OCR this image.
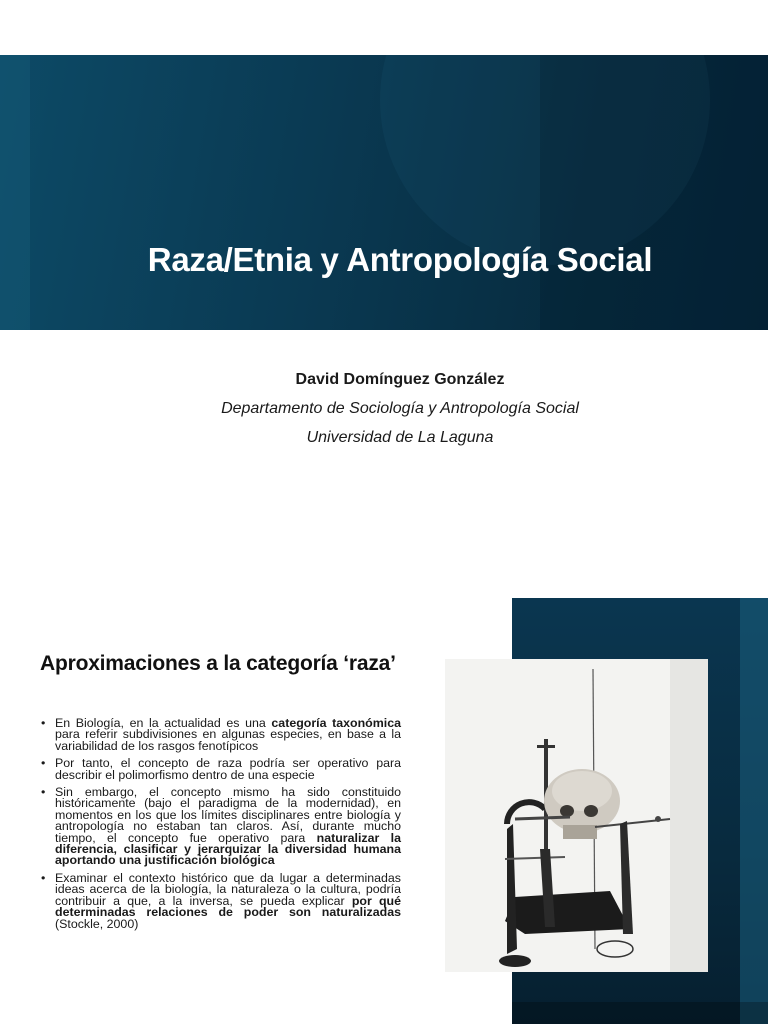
Raza/Etnia y Antropología Social
David Domínguez González
Departamento de Sociología y Antropología Social
Universidad de La Laguna
Aproximaciones a la categoría ‘raza’
• En Biología, en la actualidad es una categoría taxonómica para referir subdivisiones en algunas especies, en base a la variabilidad de los rasgos fenotípicos
• Por tanto, el concepto de raza podría ser operativo para describir el polimorfismo dentro de una especie
• Sin embargo, el concepto mismo ha sido constituido históricamente (bajo el paradigma de la modernidad), en momentos en los que los límites disciplinares entre biología y antropología no estaban tan claros. Así, durante mucho tiempo, el concepto fue operativo para naturalizar la diferencia, clasificar y jerarquizar la diversidad humana aportando una justificación biológica
• Examinar el contexto histórico que da lugar a determinadas ideas acerca de la biología, la naturaleza o la cultura, podría contribuir a que, a la inversa, se pueda explicar por qué determinadas relaciones de poder son naturalizadas (Stockle, 2000)
